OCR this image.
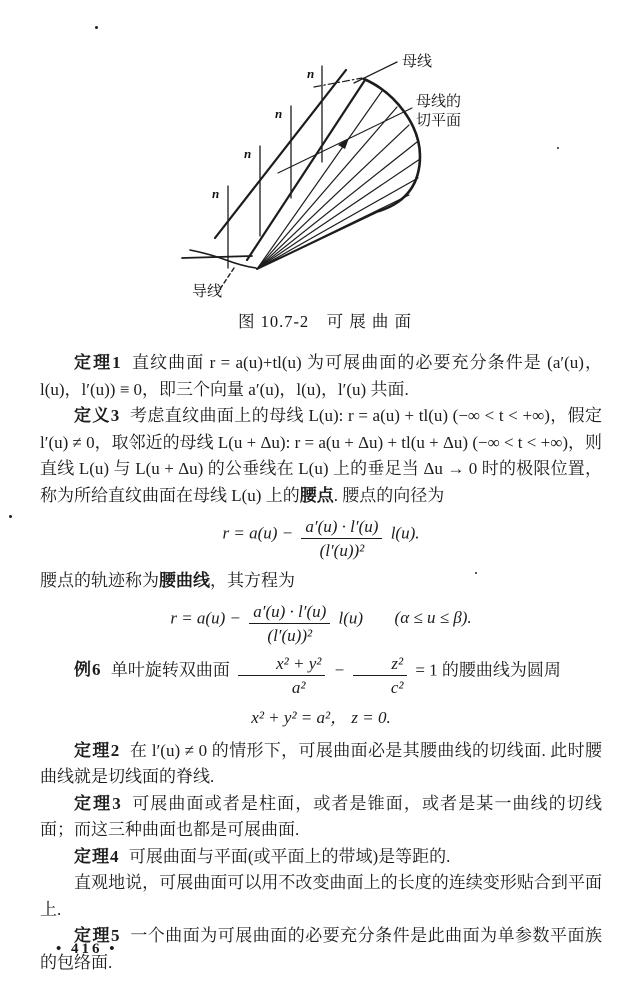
n
n
n
n
母线
母线的
切平面
导线
图 10.7-2　可 展 曲 面

定理1 直纹曲面 r = a(u)+tl(u) 为可展曲面的必要充分条件是 (a′(u)，l(u)，l′(u)) ≡ 0，即三个向量 a′(u)，l(u)，l′(u) 共面.

定义3 考虑直纹曲面上的母线 L(u): r = a(u) + tl(u) (−∞ < t < +∞)，假定 l′(u) ≠ 0，取邻近的母线 L(u + Δu): r = a(u + Δu) + tl(u + Δu) (−∞ < t < +∞)，则直线 L(u) 与 L(u + Δu) 的公垂线在 L(u) 上的垂足当 Δu → 0 时的极限位置，称为所给直纹曲面在母线 L(u) 上的腰点. 腰点的向径为

$r = a(u) - \frac{a'(u) \cdot l'(u)}{\text{(l′(u))²}} l(u)$.

腰点的轨迹称为腰曲线，其方程为

$r = a(u) - \frac{a'(u) \cdot l'(u)}{\text{(l′(u))²}} l(u) (\alpha \le u \le \beta)$.

例6 单叶旋转双曲面 $\frac{\text{x² + y²}}{\text{a²}} - \frac{\text{z²}}{\text{c²}} = 1$ 的腰曲线为圆周

x² + y² = a²， z = 0.

定理2 在 l′(u) ≠ 0 的情形下，可展曲面必是其腰曲线的切线面. 此时腰曲线就是切线面的脊线.

定理3 可展曲面或者是柱面，或者是锥面，或者是某一曲线的切线面；而这三种曲面也都是可展曲面.

定理4 可展曲面与平面(或平面上的带域)是等距的.

直观地说，可展曲面可以用不改变曲面上的长度的连续变形贴合到平面上.

定理5 一个曲面为可展曲面的必要充分条件是此曲面为单参数平面族的包络面.

• 416 •
